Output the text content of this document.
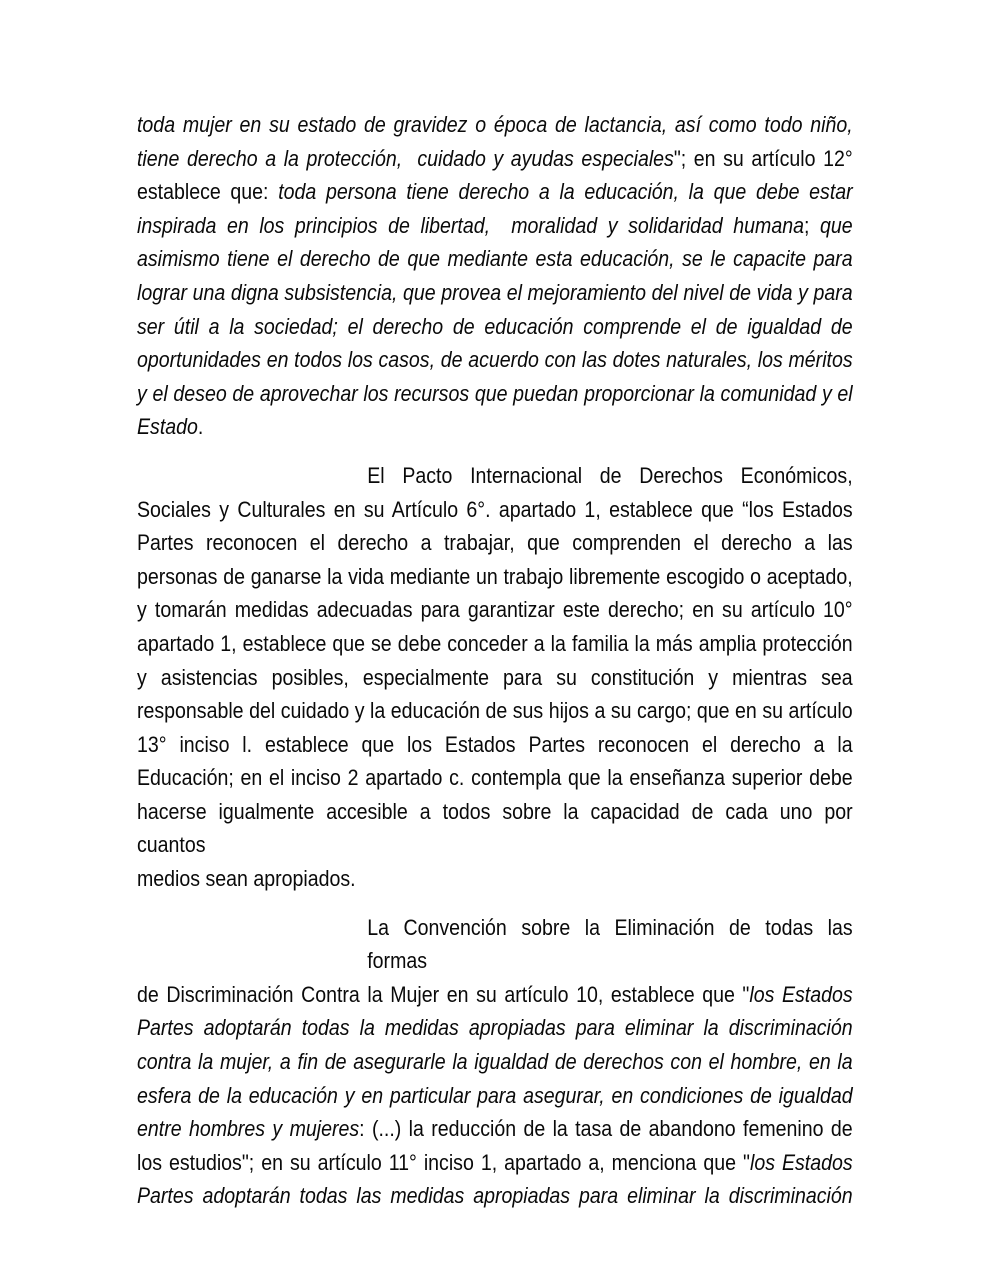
toda mujer en su estado de gravidez o época de lactancia, así como todo niño,
tiene derecho a la protección,  cuidado y ayudas especiales"; en su artículo 12°
establece que: toda persona tiene derecho a la educación, la que debe estar
inspirada en los principios de libertad,  moralidad y solidaridad humana; que
asimismo tiene el derecho de que mediante esta educación, se le capacite para
lograr una digna subsistencia, que provea el mejoramiento del nivel de vida y para
ser útil a la sociedad; el derecho de educación comprende el de igualdad de
oportunidades en todos los casos, de acuerdo con las dotes naturales, los méritos
y el deseo de aprovechar los recursos que puedan proporcionar la comunidad y el
Estado.
El Pacto Internacional de Derechos Económicos,
Sociales y Culturales en su Artículo 6°. apartado 1, establece que “los Estados
Partes reconocen el derecho a trabajar, que comprenden el derecho a las
personas de ganarse la vida mediante un trabajo libremente escogido o aceptado,
y tomarán medidas adecuadas para garantizar este derecho; en su artículo 10°
apartado 1, establece que se debe conceder a la familia la más amplia protección
y asistencias posibles, especialmente para su constitución y mientras sea
responsable del cuidado y la educación de sus hijos a su cargo; que en su artículo
13° inciso l. establece que los Estados Partes reconocen el derecho a la
Educación; en el inciso 2 apartado c. contempla que la enseñanza superior debe
hacerse igualmente accesible a todos sobre la capacidad de cada uno por cuantos
medios sean apropiados.
La Convención sobre la Eliminación de todas las formas
de Discriminación Contra la Mujer en su artículo 10, establece que "los Estados
Partes adoptarán todas la medidas apropiadas para eliminar la discriminación
contra la mujer, a fin de asegurarle la igualdad de derechos con el hombre, en la
esfera de la educación y en particular para asegurar, en condiciones de igualdad
entre hombres y mujeres: (...) la reducción de la tasa de abandono femenino de
los estudios"; en su artículo 11° inciso 1, apartado a, menciona que "los Estados
Partes adoptarán todas las medidas apropiadas para eliminar la discriminación
